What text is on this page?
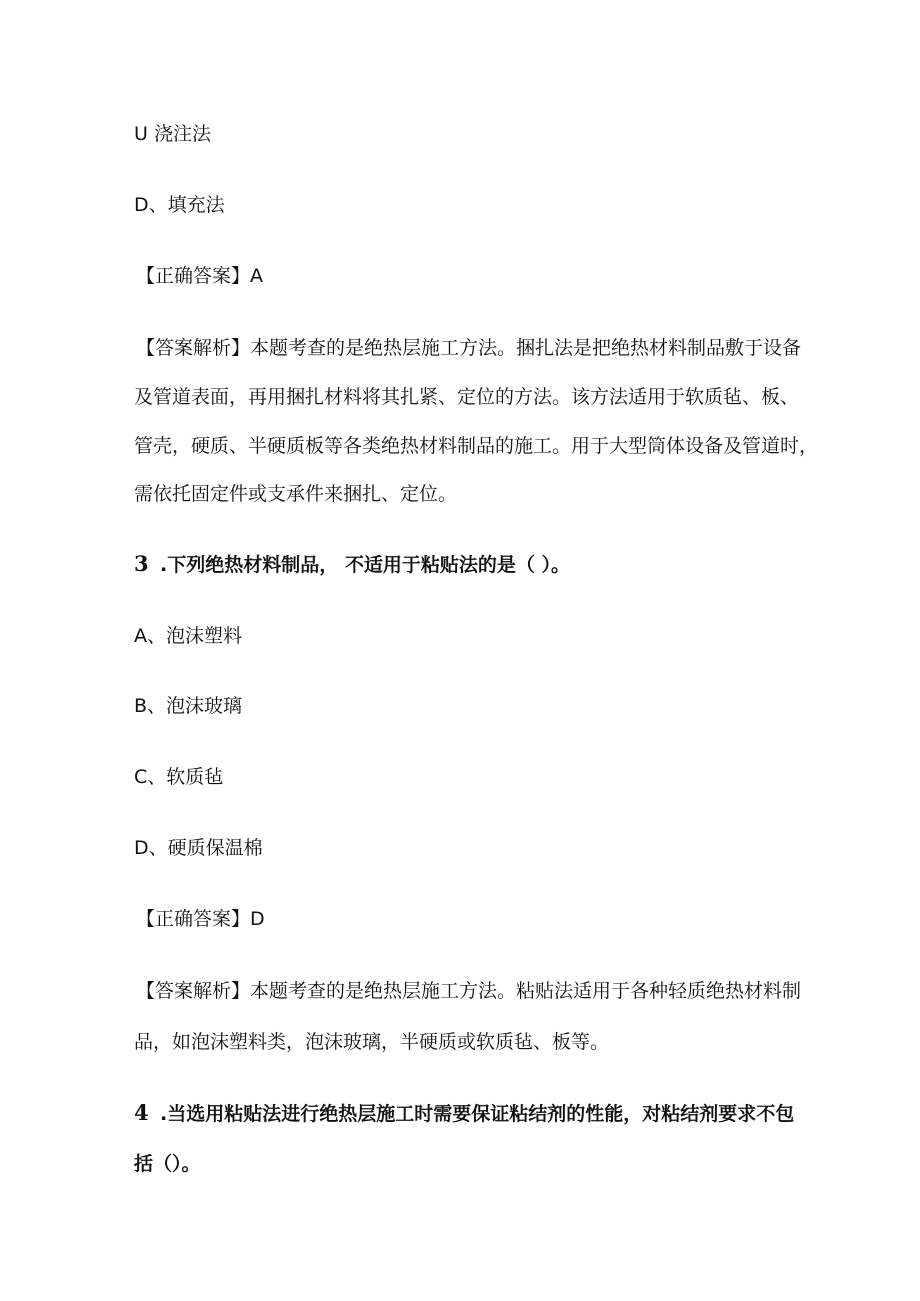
U 浇注法
D、填充法
【正确答案】A
【答案解析】本题考查的是绝热层施工方法。捆扎法是把绝热材料制品敷于设备
及管道表面，再用捆扎材料将其扎紧、定位的方法。该方法适用于软质毡、板、
管壳，硬质、半硬质板等各类绝热材料制品的施工。用于大型筒体设备及管道时，
需依托固定件或支承件来捆扎、定位。
3 .下列绝热材料制品， 不适用于粘贴法的是（ ）。
A、泡沫塑料
B、泡沫玻璃
C、软质毡
D、硬质保温棉
【正确答案】D
【答案解析】本题考查的是绝热层施工方法。粘贴法适用于各种轻质绝热材料制
品，如泡沫塑料类，泡沫玻璃，半硬质或软质毡、板等。
4 .当选用粘贴法进行绝热层施工时需要保证粘结剂的性能，对粘结剂要求不包
括（）。
